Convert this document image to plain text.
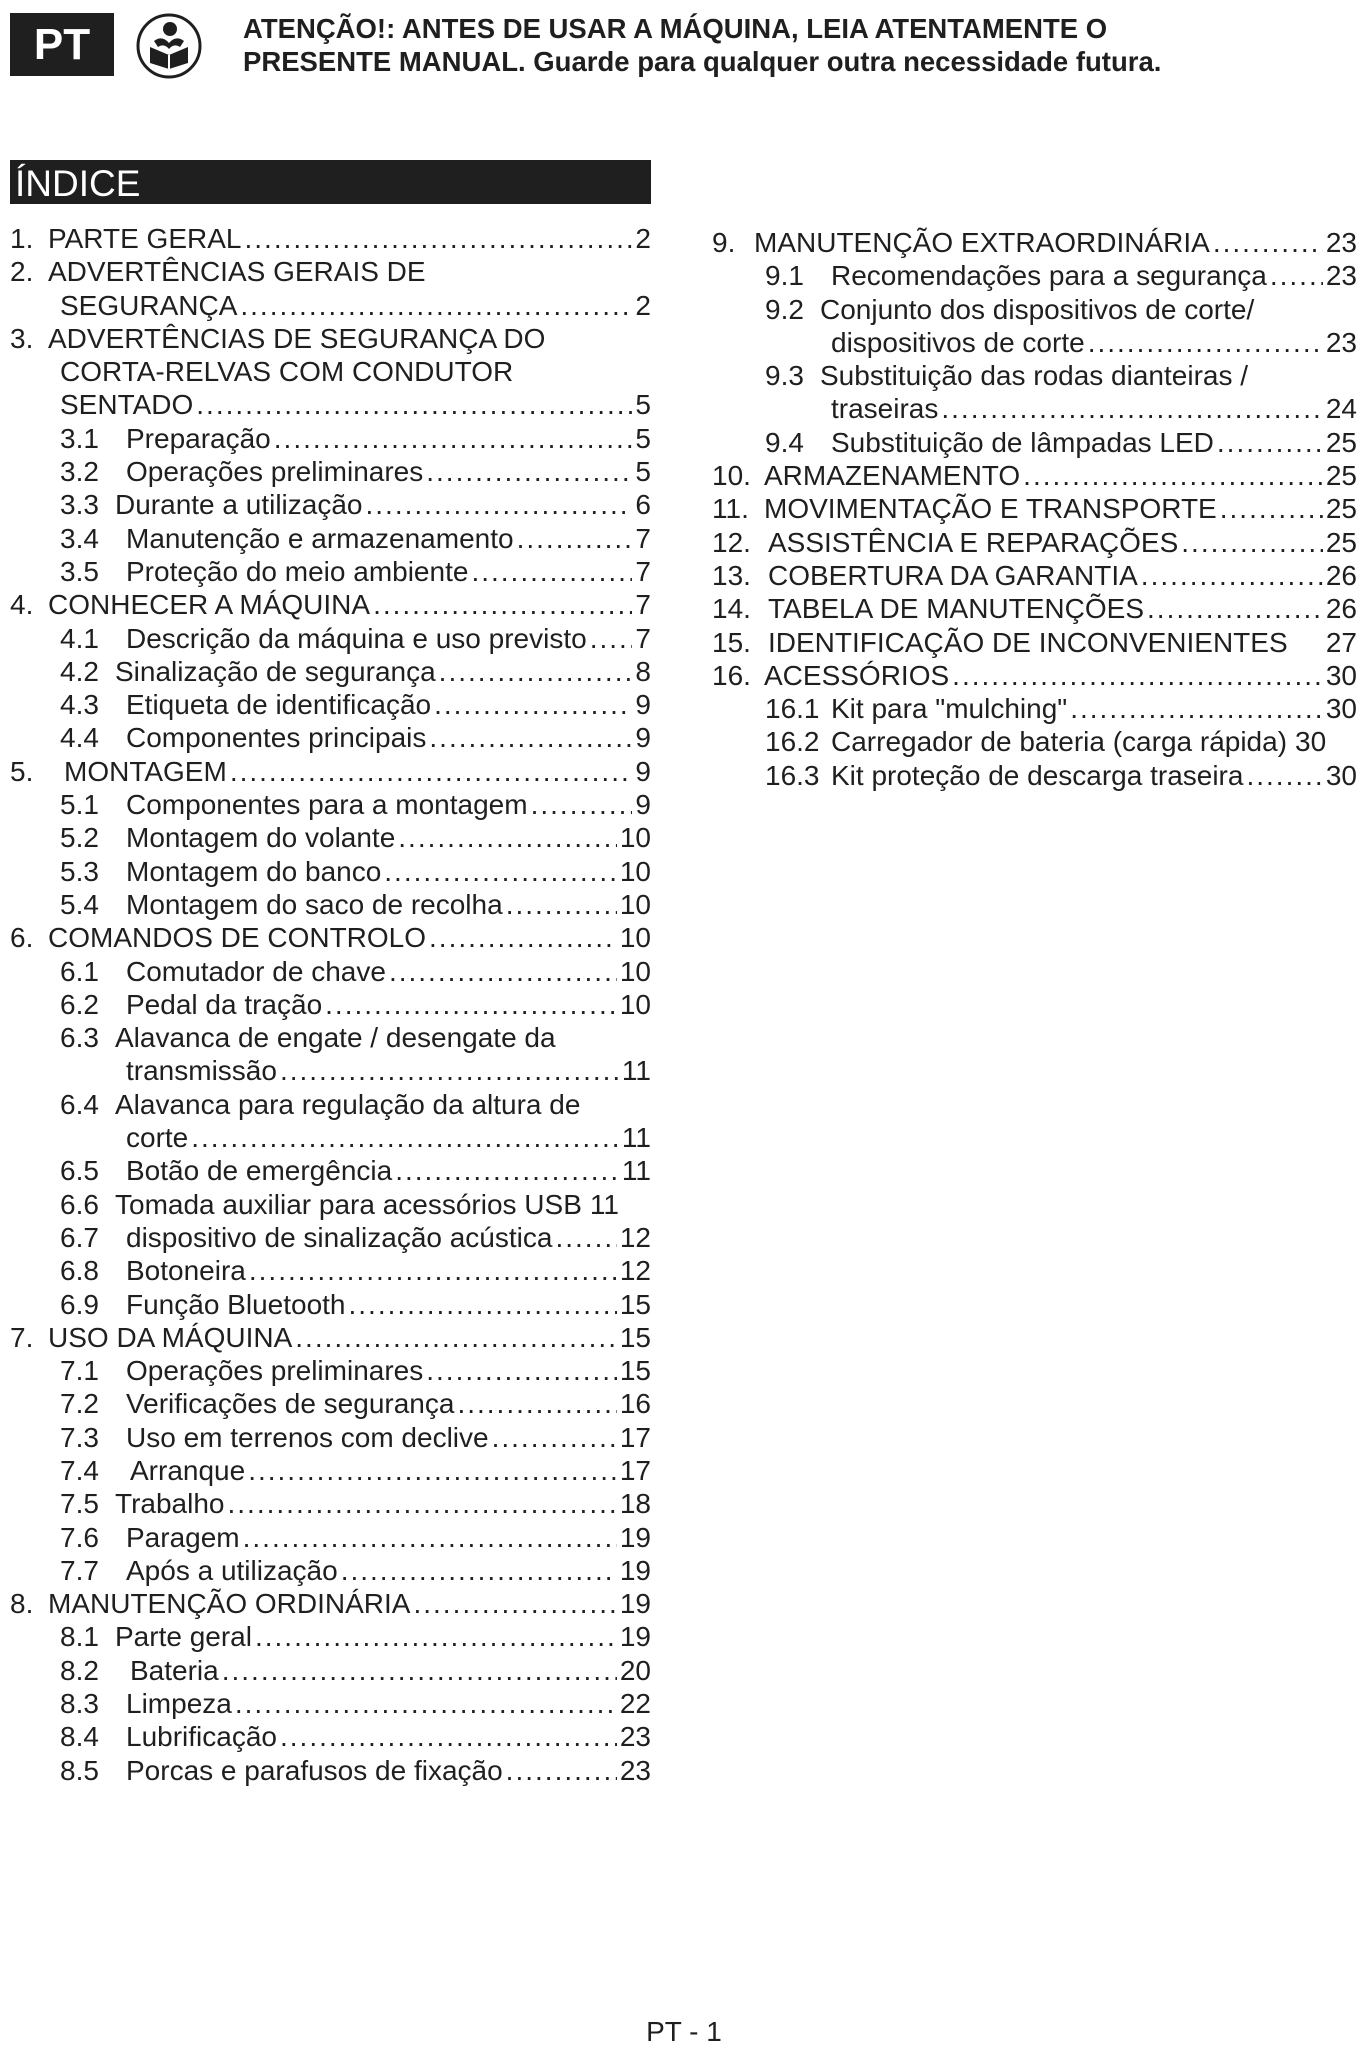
PT	ATENÇÃO!: ANTES DE USAR A MÁQUINA, LEIA ATENTAMENTE O
PRESENTE MANUAL. Guarde para qualquer outra necessidade futura.
ÍNDICE
1. PARTE GERAL .....	2
2. ADVERTÊNCIAS GERAIS DE
SEGURANÇA .....	2
3. ADVERTÊNCIAS DE SEGURANÇA DO
CORTA-RELVAS COM CONDUTOR
SENTADO .....	5
3.1 Preparação .....	5
3.2 Operações preliminares .....	5
3.3 Durante a utilização .....	6
3.4 Manutenção e armazenamento .....	7
3.5 Proteção do meio ambiente .....	7
4. CONHECER A MÁQUINA .....	7
4.1 Descrição da máquina e uso previsto ..... 7
4.2 Sinalização de segurança .....	8
4.3 Etiqueta de identificação .....	9
4.4 Componentes principais .....	9
5.	MONTAGEM .....	9
5.1 Componentes para a montagem .....	9
5.2 Montagem do volante .....	10
5.3 Montagem do banco .....	10
5.4 Montagem do saco de recolha .....	10
6. COMANDOS DE CONTROLO .....	10
6.1 Comutador de chave .....	10
6.2 Pedal da tração .....	10
6.3 Alavanca de engate / desengate da
transmissão .....	11
6.4 Alavanca para regulação da altura de
corte .....	11
6.5 Botão de emergência .....	11
6.6 Tomada auxiliar para acessórios USB 11
6.7 dispositivo de sinalização acústica ..... 12
6.8 Botoneira .....	12
6.9 Função Bluetooth .....	15
7. USO DA MÁQUINA .....	15
7.1 Operações preliminares .....	15
7.2 Verificações de segurança .....	16
7.3 Uso em terrenos com declive .....	17
7.4	Arranque .....	17
7.5 Trabalho .....	18
7.6 Paragem .....	19
7.7 Após a utilização .....	19
8. MANUTENÇÃO ORDINÁRIA .....	19
8.1 Parte geral .....	19
8.2	Bateria .....	20
8.3 Limpeza .....	22
8.4 Lubrificação .....	23
8.5 Porcas e parafusos de fixação .....	23
9. MANUTENÇÃO EXTRAORDINÁRIA .....	23
9.1 Recomendações para a segurança ..... 23
9.2 Conjunto dos dispositivos de corte/
dispositivos de corte .....	23
9.3 Substituição das rodas dianteiras /
traseiras .....	24
9.4 Substituição de lâmpadas LED .....	25
10. ARMAZENAMENTO .....	25
11. MOVIMENTAÇÃO E TRANSPORTE .....	25
12. ASSISTÊNCIA E REPARAÇÕES .....	25
13. COBERTURA DA GARANTIA .....	26
14. TABELA DE MANUTENÇÕES .....	26
15. IDENTIFICAÇÃO DE INCONVENIENTES 27
16. ACESSÓRIOS .....	30
16.1 Kit para "mulching" .....	30
16.2 Carregador de bateria (carga rápida) 30
16.3 Kit proteção de descarga traseira .....	30
PT - 1
